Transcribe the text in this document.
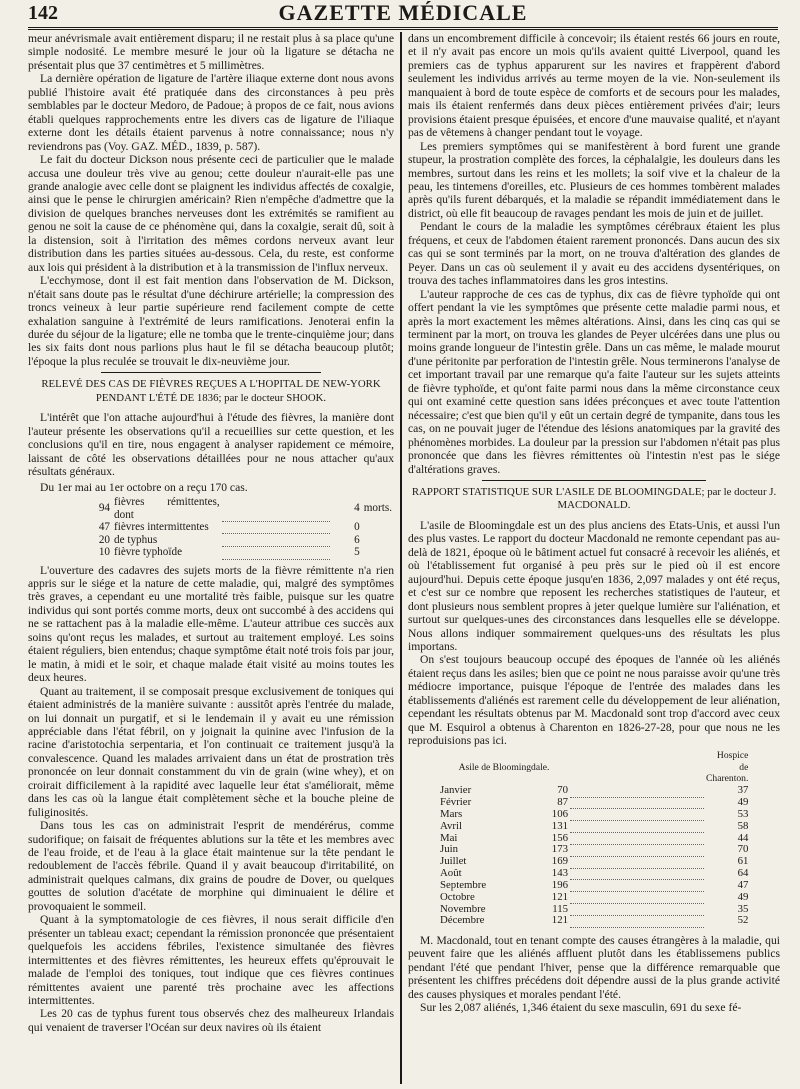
142	GAZETTE MÉDICALE

meur anévrismale avait entièrement disparu; il ne restait plus à sa place qu'une simple nodosité. Le membre mesuré le jour où la ligature se détacha ne présentait plus que 37 centimètres et 5 millimètres.

La dernière opération de ligature de l'artère iliaque externe dont nous avons publié l'histoire avait été pratiquée dans des circonstances à peu près semblables par le docteur Medoro, de Padoue; à propos de ce fait, nous avions établi quelques rapprochements entre les divers cas de ligature de l'iliaque externe dont les détails étaient parvenus à notre connaissance; nous n'y reviendrons pas (Voy. GAZ. MÉD., 1839, p. 587).

Le fait du docteur Dickson nous présente ceci de particulier que le malade accusa une douleur très vive au genou; cette douleur n'aurait-elle pas une grande analogie avec celle dont se plaignent les individus affectés de coxalgie, ainsi que le pense le chirurgien américain? Rien n'empêche d'admettre que la division de quelques branches nerveuses dont les extrémités se ramifient au genou ne soit la cause de ce phénomène qui, dans la coxalgie, serait dû, soit à la distension, soit à l'irritation des mêmes cordons nerveux avant leur distribution dans les parties situées au-dessous. Cela, du reste, est conforme aux lois qui président à la distribution et à la transmission de l'influx nerveux.

L'ecchymose, dont il est fait mention dans l'observation de M. Dickson, n'était sans doute pas le résultat d'une déchirure artérielle; la compression des troncs veineux à leur partie supérieure rend facilement compte de cette exhalation sanguine à l'extrémité de leurs ramifications. Jenoterai enfin la durée du séjour de la ligature; elle ne tomba que le trente-cinquième jour; dans les six faits dont nous parlions plus haut le fil se détacha beaucoup plutôt; l'époque la plus reculée se trouvait le dix-neuvième jour.

RELEVÉ DES CAS DE FIÈVRES REÇUES A L'HOPITAL DE NEW-YORK PENDANT L'ÉTÉ DE 1836; par le docteur SHOOK.

L'intérêt que l'on attache aujourd'hui à l'étude des fièvres, la manière dont l'auteur présente les observations qu'il a recueillies sur cette question, et les conclusions qu'il en tire, nous engagent à analyser rapidement ce mémoire, laissant de côté les observations détaillées pour ne nous attacher qu'aux résultats généraux.

Du 1er mai au 1er octobre on a reçu 170 cas.

94	fièvres rémittentes, dont		4	morts.
47	fièvres intermittentes		0	
20	de typhus		6	
10	fièvre typhoïde		5	

L'ouverture des cadavres des sujets morts de la fièvre rémittente n'a rien appris sur le siége et la nature de cette maladie, qui, malgré des symptômes très graves, a cependant eu une mortalité très faible, puisque sur les quatre individus qui sont portés comme morts, deux ont succombé à des accidens qui ne se rattachent pas à la maladie elle-même. L'auteur attribue ces succès aux soins qu'ont reçus les malades, et surtout au traitement employé. Les soins étaient réguliers, bien entendus; chaque symptôme était noté trois fois par jour, le matin, à midi et le soir, et chaque malade était visité au moins toutes les deux heures.

Quant au traitement, il se composait presque exclusivement de toniques qui étaient administrés de la manière suivante : aussitôt après l'entrée du malade, on lui donnait un purgatif, et si le lendemain il y avait eu une rémission appréciable dans l'état fébril, on y joignait la quinine avec l'infusion de la racine d'aristotochia serpentaria, et l'on continuait ce traitement jusqu'à la convalescence. Quand les malades arrivaient dans un état de prostration très prononcée on leur donnait constamment du vin de grain (wine whey), et on croirait difficilement à la rapidité avec laquelle leur état s'améliorait, même dans les cas où la langue était complètement sèche et la bouche pleine de fuliginosités.

Dans tous les cas on administrait l'esprit de mendérérus, comme sudorifique; on faisait de fréquentes ablutions sur la tête et les membres avec de l'eau froide, et de l'eau à la glace était maintenue sur la tête pendant le redoublement de l'accès fébrile. Quand il y avait beaucoup d'irritabilité, on administrait quelques calmans, dix grains de poudre de Dover, ou quelques gouttes de solution d'acétate de morphine qui diminuaient le délire et provoquaient le sommeil.

Quant à la symptomatologie de ces fièvres, il nous serait difficile d'en présenter un tableau exact; cependant la rémission prononcée que présentaient quelquefois les accidens fébriles, l'existence simultanée des fièvres intermittentes et des fièvres rémittentes, les heureux effets qu'éprouvait le malade de l'emploi des toniques, tout indique que ces fièvres continues rémittentes avaient une parenté très prochaine avec les affections intermittentes.

Les 20 cas de typhus furent tous observés chez des malheureux Irlandais qui venaient de traverser l'Océan sur deux navires où ils étaient

dans un encombrement difficile à concevoir; ils étaient restés 66 jours en route, et il n'y avait pas encore un mois qu'ils avaient quitté Liverpool, quand les premiers cas de typhus apparurent sur les navires et frappèrent d'abord seulement les individus arrivés au terme moyen de la vie. Non-seulement ils manquaient à bord de toute espèce de comforts et de secours pour les malades, mais ils étaient renfermés dans deux pièces entièrement privées d'air; leurs provisions étaient presque épuisées, et encore d'une mauvaise qualité, et n'ayant pas de vêtemens à changer pendant tout le voyage.

Les premiers symptômes qui se manifestèrent à bord furent une grande stupeur, la prostration complète des forces, la céphalalgie, les douleurs dans les membres, surtout dans les reins et les mollets; la soif vive et la chaleur de la peau, les tintemens d'oreilles, etc. Plusieurs de ces hommes tombèrent malades après qu'ils furent débarqués, et la maladie se répandit immédiatement dans le district, où elle fit beaucoup de ravages pendant les mois de juin et de juillet.

Pendant le cours de la maladie les symptômes cérébraux étaient les plus fréquens, et ceux de l'abdomen étaient rarement prononcés. Dans aucun des six cas qui se sont terminés par la mort, on ne trouva d'altération des glandes de Peyer. Dans un cas où seulement il y avait eu des accidens dysentériques, on trouva des taches inflammatoires dans les gros intestins.

L'auteur rapproche de ces cas de typhus, dix cas de fièvre typhoïde qui ont offert pendant la vie les symptômes que présente cette maladie parmi nous, et après la mort exactement les mêmes altérations. Ainsi, dans les cinq cas qui se terminent par la mort, on trouva les glandes de Peyer ulcérées dans une plus ou moins grande longueur de l'intestin grêle. Dans un cas même, le malade mourut d'une péritonite par perforation de l'intestin grêle. Nous terminerons l'analyse de cet important travail par une remarque qu'a faite l'auteur sur les sujets atteints de fièvre typhoïde, et qu'ont faite parmi nous dans la même circonstance ceux qui ont examiné cette question sans idées préconçues et avec toute l'attention nécessaire; c'est que bien qu'il y eût un certain degré de tympanite, dans tous les cas, on ne pouvait juger de l'étendue des lésions anatomiques par la gravité des phénomènes morbides. La douleur par la pression sur l'abdomen n'était pas plus prononcée que dans les fièvres rémittentes où l'intestin n'est pas le siége d'altérations graves.

RAPPORT STATISTIQUE SUR L'ASILE DE BLOOMINGDALE; par le docteur J. MACDONALD.

L'asile de Bloomingdale est un des plus anciens des Etats-Unis, et aussi l'un des plus vastes. Le rapport du docteur Macdonald ne remonte cependant pas au-delà de 1821, époque où le bâtiment actuel fut consacré à recevoir les aliénés, et où l'établissement fut organisé à peu près sur le pied où il est encore aujourd'hui. Depuis cette époque jusqu'en 1836, 2,097 malades y ont été reçus, et c'est sur ce nombre que reposent les recherches statistiques de l'auteur, et dont plusieurs nous semblent propres à jeter quelque lumière sur l'aliénation, et surtout sur quelques-unes des circonstances dans lesquelles elle se développe. Nous allons indiquer sommairement quelques-uns des résultats les plus importans.

On s'est toujours beaucoup occupé des époques de l'année où les aliénés étaient reçus dans les asiles; bien que ce point ne nous paraisse avoir qu'une très médiocre importance, puisque l'époque de l'entrée des malades dans les établissements d'aliénés est rarement celle du développement de leur aliénation, cependant les résultats obtenus par M. Macdonald sont trop d'accord avec ceux que M. Esquirol a obtenus à Charenton en 1826-27-28, pour que nous ne les reproduisions pas ici.

Asile de Bloomingdale.			Hospice de Charenton.
Janvier	70		37
Février	87		49
Mars	106		53
Avril	131		58
Mai	156		44
Juin	173		70
Juillet	169		61
Août	143		64
Septembre	196		47
Octobre	121		49
Novembre	115		35
Décembre	121		52

M. Macdonald, tout en tenant compte des causes étrangères à la maladie, qui peuvent faire que les aliénés affluent plutôt dans les établissemens publics pendant l'été que pendant l'hiver, pense que la différence remarquable que présentent les chiffres précédens doit dépendre aussi de la plus grande activité des causes physiques et morales pendant l'été.

Sur les 2,087 aliénés, 1,346 étaient du sexe masculin, 691 du sexe fé-
